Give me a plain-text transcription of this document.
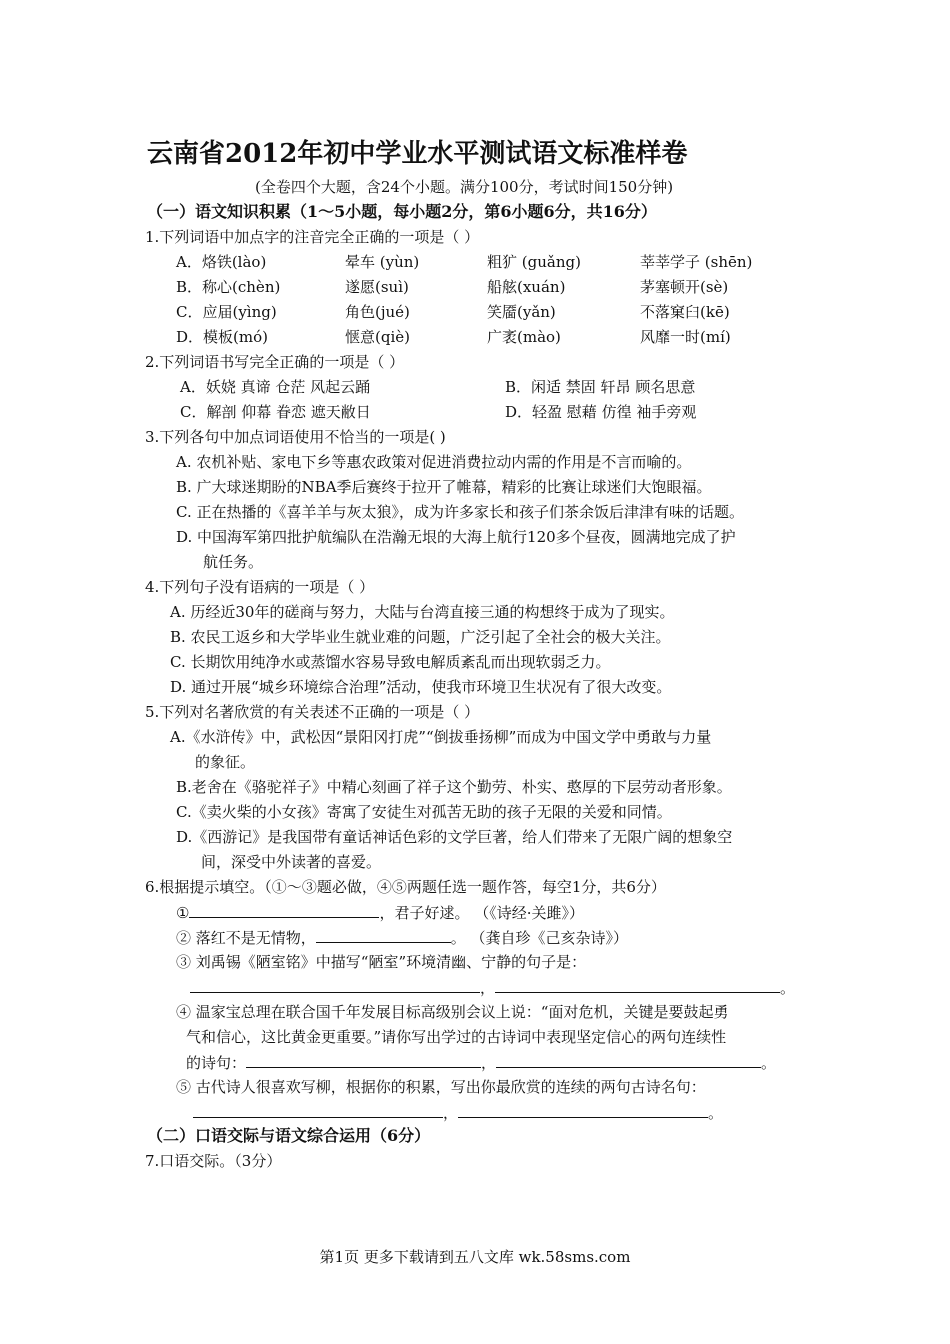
云南省2012年初中学业水平测试语文标准样卷
(全卷四个大题，含24个小题。满分100分，考试时间150分钟)
（一）语文知识积累（1～5小题，每小题2分，第6小题6分，共16分）
1.下列词语中加点字的注音完全正确的一项是（ ）
A．烙铁(lào)	晕车 (yùn)	粗犷 (guǎng)	莘莘学子 (shēn)
B．称心(chèn)	遂愿(suì)	船舷(xuán)	茅塞顿开(sè)
C．应届(yìng)	角色(jué)	笑靥(yǎn)	不落窠臼(kē)
D．模板(mó)	惬意(qiè)	广袤(mào)	风靡一时(mí)
2.下列词语书写完全正确的一项是（ ）
A．妖娆 真谛 仓茫 风起云踊	B．闲适 禁固 轩昂 顾名思意
C．解剖 仰幕 眷恋 遮天敝日	D．轻盈 慰藉 仿徨 袖手旁观
3.下列各句中加点词语使用不恰当的一项是( )
A. 农机补贴、家电下乡等惠农政策对促进消费拉动内需的作用是不言而喻的。
B. 广大球迷期盼的NBA季后赛终于拉开了帷幕，精彩的比赛让球迷们大饱眼福。
C. 正在热播的《喜羊羊与灰太狼》，成为许多家长和孩子们茶余饭后津津有味的话题。
D. 中国海军第四批护航编队在浩瀚无垠的大海上航行120多个昼夜，圆满地完成了护
航任务。
4.下列句子没有语病的一项是（ ）
A. 历经近30年的磋商与努力，大陆与台湾直接三通的构想终于成为了现实。
B. 农民工返乡和大学毕业生就业难的问题，广泛引起了全社会的极大关注。
C. 长期饮用纯净水或蒸馏水容易导致电解质紊乱而出现软弱乏力。
D. 通过开展“城乡环境综合治理”活动，使我市环境卫生状况有了很大改变。
5.下列对名著欣赏的有关表述不正确的一项是（ ）
A.《水浒传》中，武松因“景阳冈打虎”“倒拔垂扬柳”而成为中国文学中勇敢与力量
的象征。
B.老舍在《骆驼祥子》中精心刻画了祥子这个勤劳、朴实、憨厚的下层劳动者形象。
C.《卖火柴的小女孩》寄寓了安徒生对孤苦无助的孩子无限的关爱和同情。
D.《西游记》是我国带有童话神话色彩的文学巨著，给人们带来了无限广阔的想象空
间，深受中外读著的喜爱。
6.根据提示填空。（①～③题必做，④⑤两题任选一题作答，每空1分，共6分）
①	，君子好逑。 （《诗经·关雎》）
② 落红不是无情物，	。 （龚自珍《己亥杂诗》）
③ 刘禹锡《陋室铭》中描写“陋室”环境清幽、宁静的句子是：
，	。
④ 温家宝总理在联合国千年发展目标高级别会议上说：“面对危机，关键是要鼓起勇
气和信心，这比黄金更重要。”请你写出学过的古诗词中表现坚定信心的两句连续性
的诗句：	，	。
⑤ 古代诗人很喜欢写柳，根据你的积累，写出你最欣赏的连续的两句古诗名句：
，	。
（二）口语交际与语文综合运用（6分）
7.口语交际。（3分）
第1页 更多下载请到五八文库 wk.58sms.com
